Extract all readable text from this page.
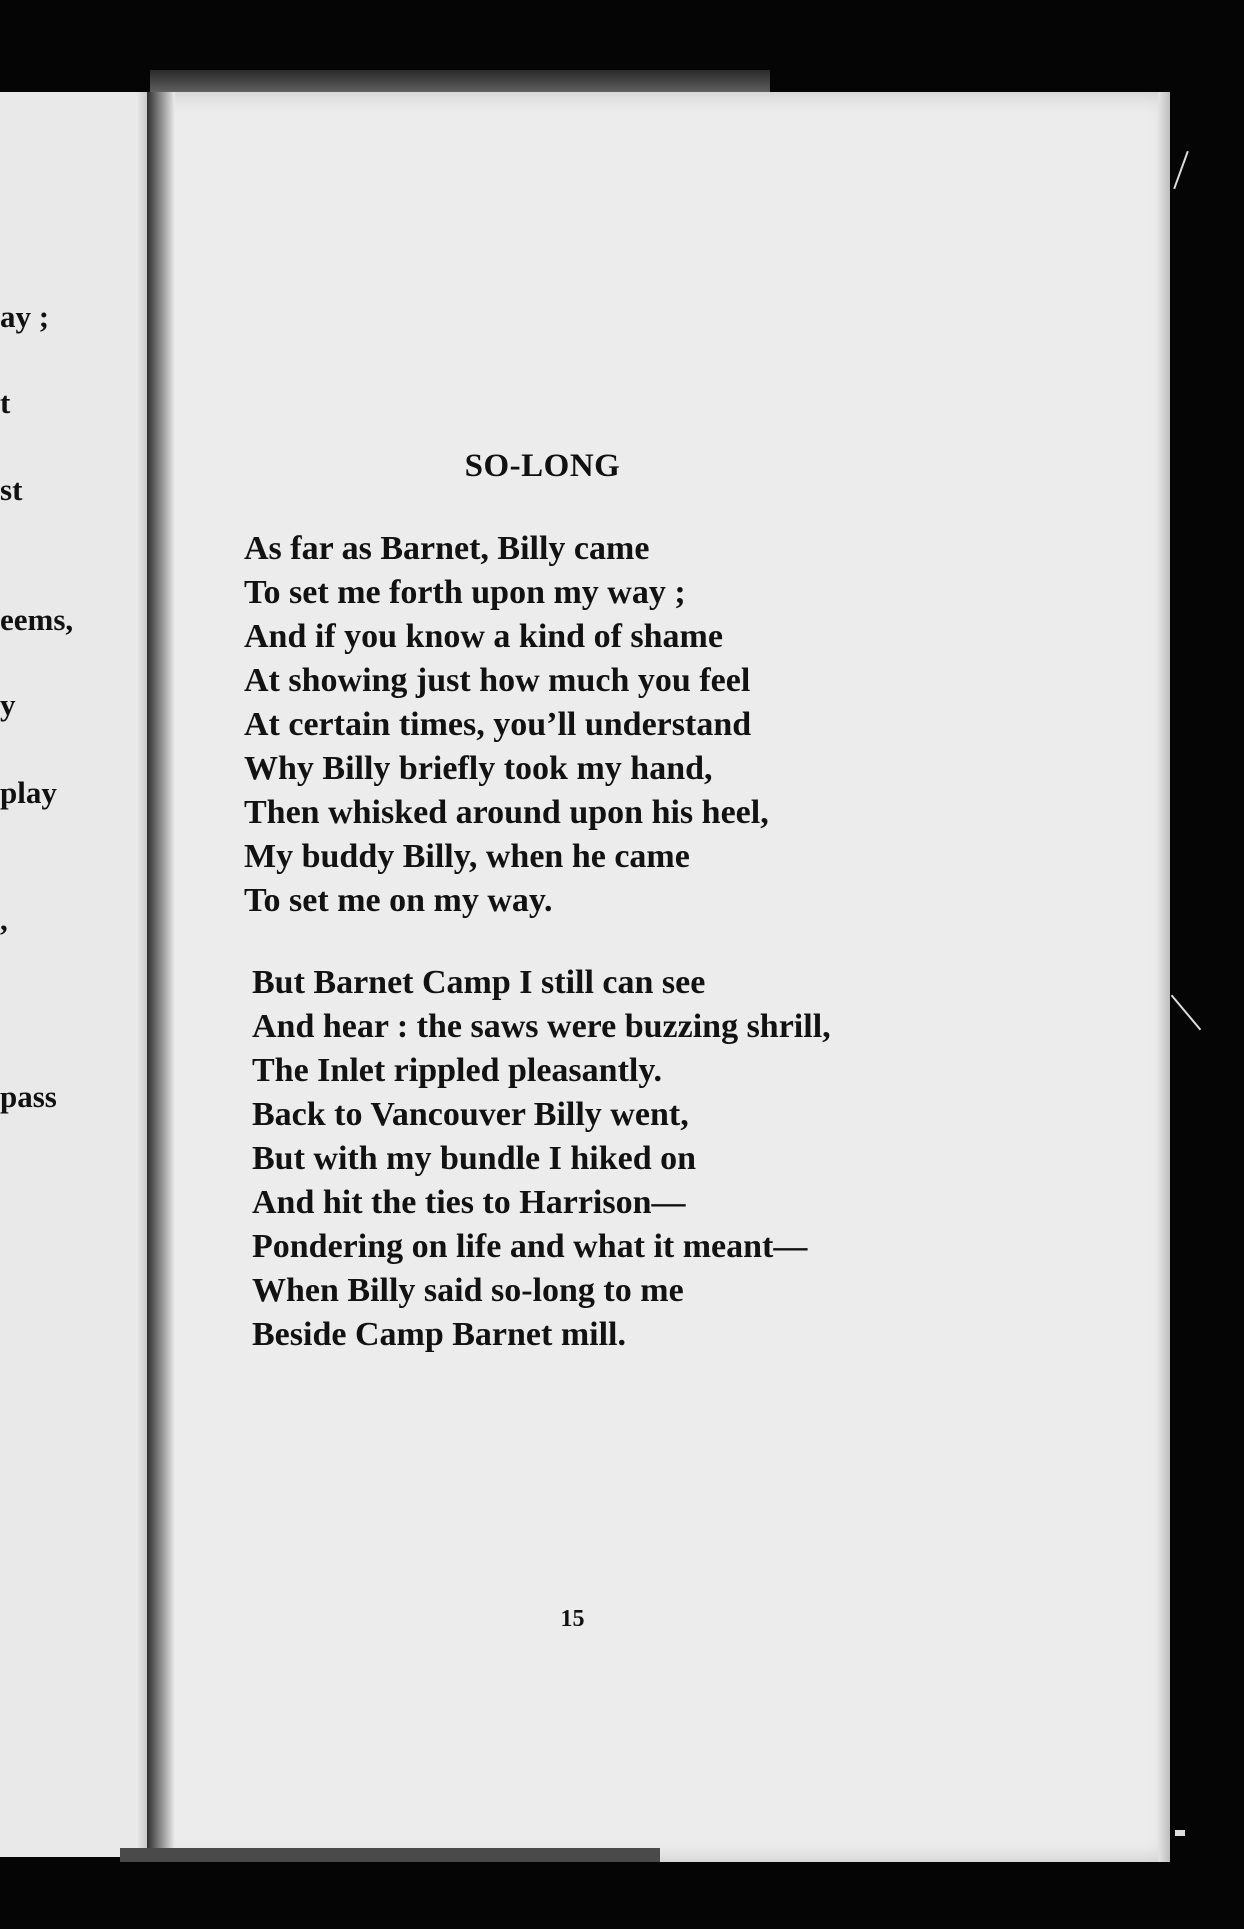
ay ;
t
st
eems,
y
play
,
pass
SO-LONG
As far as Barnet, Billy came
To set me forth upon my way ;
And if you know a kind of shame
At showing just how much you feel
At certain times, you’ll understand
Why Billy briefly took my hand,
Then whisked around upon his heel,
My buddy Billy, when he came
To set me on my way.
But Barnet Camp I still can see
And hear : the saws were buzzing shrill,
The Inlet rippled pleasantly.
Back to Vancouver Billy went,
But with my bundle I hiked on
And hit the ties to Harrison—
Pondering on life and what it meant—
When Billy said so-long to me
Beside Camp Barnet mill.
15
